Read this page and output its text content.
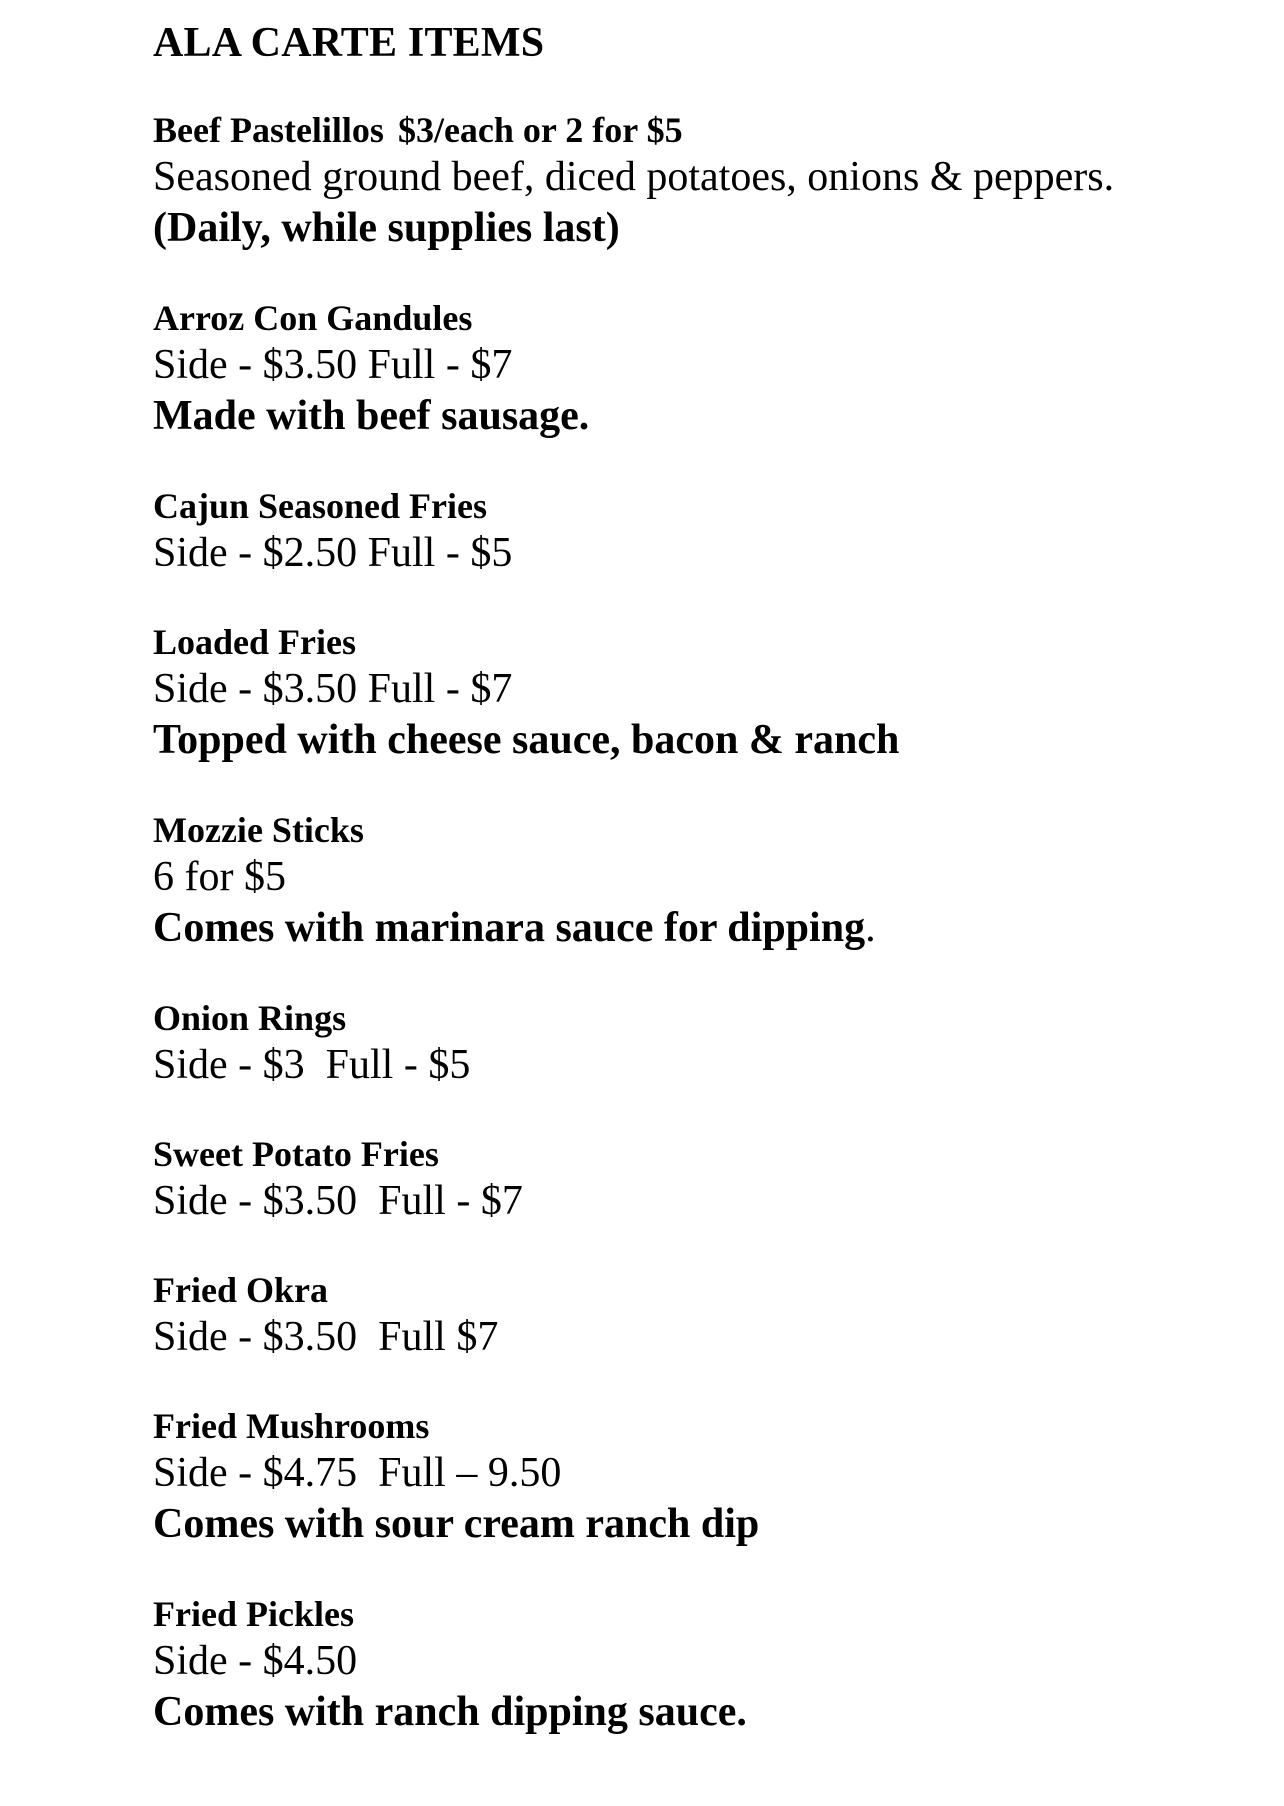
ALA CARTE ITEMS
Beef Pastelillos $3/each or 2 for $5
Seasoned ground beef, diced potatoes, onions & peppers.
(Daily, while supplies last)
Arroz Con Gandules
Side - $3.50 Full - $7
Made with beef sausage.
Cajun Seasoned Fries
Side - $2.50 Full - $5
Loaded Fries
Side - $3.50 Full - $7
Topped with cheese sauce, bacon & ranch
Mozzie Sticks
6 for $5
Comes with marinara sauce for dipping.
Onion Rings
Side - $3  Full - $5
Sweet Potato Fries
Side - $3.50  Full - $7
Fried Okra
Side - $3.50  Full $7
Fried Mushrooms
Side - $4.75  Full – 9.50
Comes with sour cream ranch dip
Fried Pickles
Side - $4.50
Comes with ranch dipping sauce.
